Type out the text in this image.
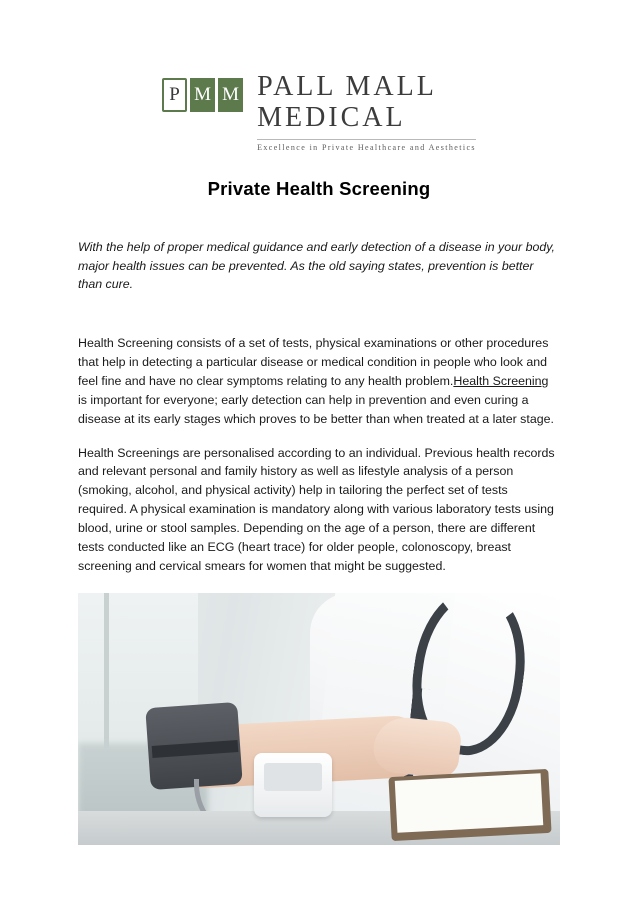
P M M PALL MALL
MEDICAL
Excellence in Private Healthcare and Aesthetics
Private Health Screening

With the help of proper medical guidance and early detection of a disease in your body, major health issues can be prevented. As the old saying states, prevention is better than cure.

Health Screening consists of a set of tests, physical examinations or other procedures that help in detecting a particular disease or medical condition in people who look and feel fine and have no clear symptoms relating to any health problem.Health Screening is important for everyone; early detection can help in prevention and even curing a disease at its early stages which proves to be better than when treated at a later stage.

Health Screenings are personalised according to an individual. Previous health records and relevant personal and family history as well as lifestyle analysis of a person (smoking, alcohol, and physical activity) help in tailoring the perfect set of tests required. A physical examination is mandatory along with various laboratory tests using blood, urine or stool samples. Depending on the age of a person, there are different tests conducted like an ECG (heart trace) for older people, colonoscopy, breast screening and cervical smears for women that might be suggested.
